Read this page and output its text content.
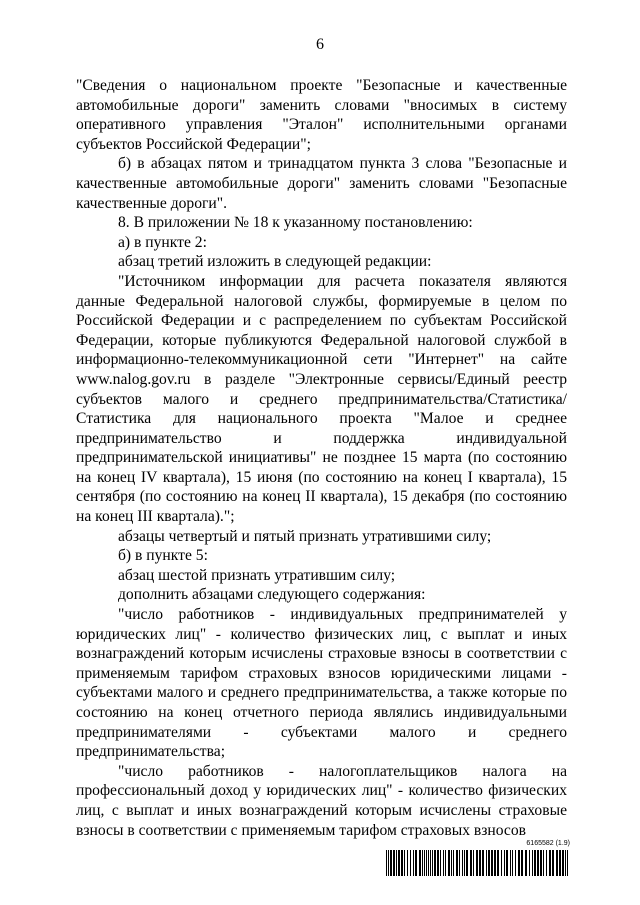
6

"Сведения о национальном проекте "Безопасные и качественные автомобильные дороги" заменить словами "вносимых в систему оперативного управления "Эталон" исполнительными органами субъектов Российской Федерации";

б) в абзацах пятом и тринадцатом пункта 3 слова "Безопасные и качественные автомобильные дороги" заменить словами "Безопасные качественные дороги".

8. В приложении № 18 к указанному постановлению:

а) в пункте 2:

абзац третий изложить в следующей редакции:

"Источником информации для расчета показателя являются данные Федеральной налоговой службы, формируемые в целом по Российской Федерации и с распределением по субъектам Российской Федерации, которые публикуются Федеральной налоговой службой в информационно-телекоммуникационной сети "Интернет" на сайте www.nalog.gov.ru в разделе "Электронные сервисы/Единый реестр субъектов малого и среднего предпринимательства/Статистика/Статистика для национального проекта "Малое и среднее предпринимательство и поддержка индивидуальной предпринимательской инициативы" не позднее 15 марта (по состоянию на конец IV квартала), 15 июня (по состоянию на конец I квартала), 15 сентября (по состоянию на конец II квартала), 15 декабря (по состоянию на конец III квартала).";

абзацы четвертый и пятый признать утратившими силу;

б) в пункте 5:

абзац шестой признать утратившим силу;

дополнить абзацами следующего содержания:

"число работников - индивидуальных предпринимателей у юридических лиц" - количество физических лиц, с выплат и иных вознаграждений которым исчислены страховые взносы в соответствии с применяемым тарифом страховых взносов юридическими лицами - субъектами малого и среднего предпринимательства, а также которые по состоянию на конец отчетного периода являлись индивидуальными предпринимателями - субъектами малого и среднего предпринимательства;

"число работников - налогоплательщиков налога на профессиональный доход у юридических лиц" - количество физических лиц, с выплат и иных вознаграждений которым исчислены страховые взносы в соответствии с применяемым тарифом страховых взносов

6165582 (1.9)
